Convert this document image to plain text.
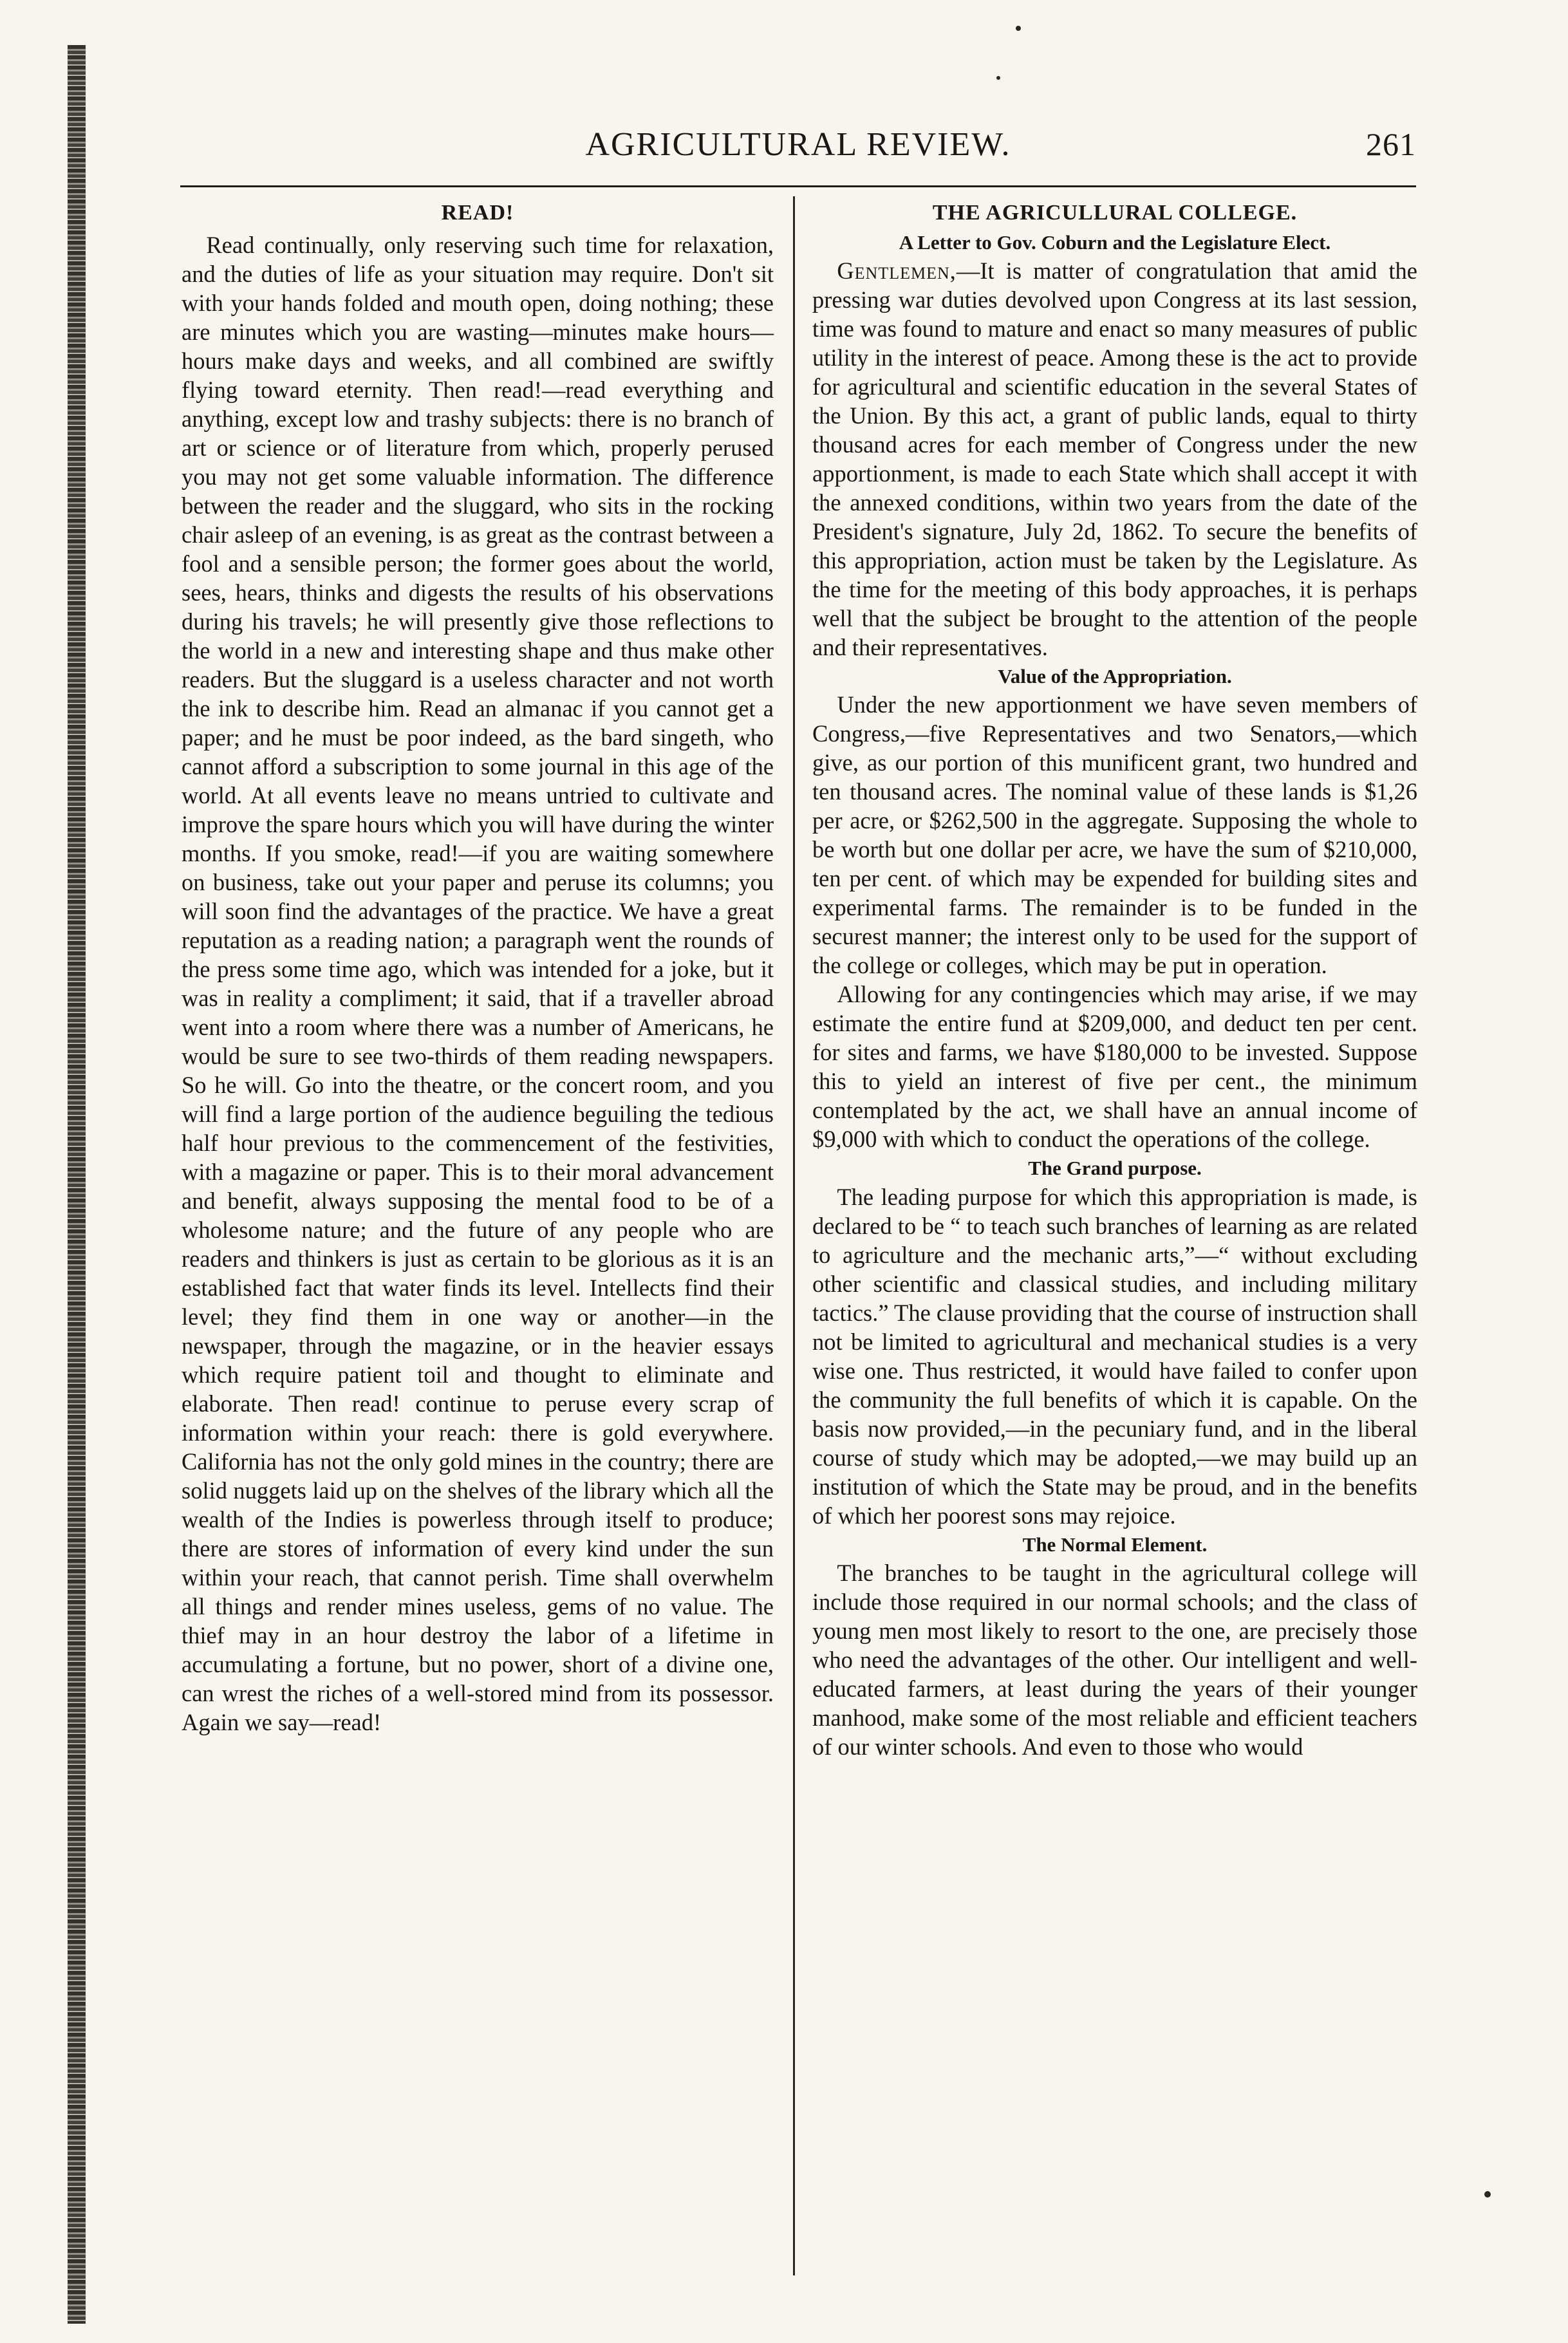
AGRICULTURAL REVIEW.	261
READ!

Read continually, only reserving such time for relaxation, and the duties of life as your situation may require. Don't sit with your hands folded and mouth open, doing nothing; these are minutes which you are wasting—minutes make hours—hours make days and weeks, and all combined are swiftly flying toward eternity. Then read!—read everything and anything, except low and trashy subjects: there is no branch of art or science or of literature from which, properly perused you may not get some valuable information. The difference between the reader and the sluggard, who sits in the rocking chair asleep of an evening, is as great as the contrast between a fool and a sensible person; the former goes about the world, sees, hears, thinks and digests the results of his observations during his travels; he will presently give those reflections to the world in a new and interesting shape and thus make other readers. But the sluggard is a useless character and not worth the ink to describe him. Read an almanac if you cannot get a paper; and he must be poor indeed, as the bard singeth, who cannot afford a subscription to some journal in this age of the world. At all events leave no means untried to cultivate and improve the spare hours which you will have during the winter months. If you smoke, read!—if you are waiting somewhere on business, take out your paper and peruse its columns; you will soon find the advantages of the practice. We have a great reputation as a reading nation; a paragraph went the rounds of the press some time ago, which was intended for a joke, but it was in reality a compliment; it said, that if a traveller abroad went into a room where there was a number of Americans, he would be sure to see two-thirds of them reading newspapers. So he will. Go into the theatre, or the concert room, and you will find a large portion of the audience beguiling the tedious half hour previous to the commencement of the festivities, with a magazine or paper. This is to their moral advancement and benefit, always supposing the mental food to be of a wholesome nature; and the future of any people who are readers and thinkers is just as certain to be glorious as it is an established fact that water finds its level. Intellects find their level; they find them in one way or another—in the newspaper, through the magazine, or in the heavier essays which require patient toil and thought to eliminate and elaborate. Then read! continue to peruse every scrap of information within your reach: there is gold everywhere. California has not the only gold mines in the country; there are solid nuggets laid up on the shelves of the library which all the wealth of the Indies is powerless through itself to produce; there are stores of information of every kind under the sun within your reach, that cannot perish. Time shall overwhelm all things and render mines useless, gems of no value. The thief may in an hour destroy the labor of a lifetime in accumulating a fortune, but no power, short of a divine one, can wrest the riches of a well-stored mind from its possessor. Again we say—read!

THE AGRICULLURAL COLLEGE.
A Letter to Gov. Coburn and the Legislature Elect.

Gentlemen,—It is matter of congratulation that amid the pressing war duties devolved upon Congress at its last session, time was found to mature and enact so many measures of public utility in the interest of peace. Among these is the act to provide for agricultural and scientific education in the several States of the Union. By this act, a grant of public lands, equal to thirty thousand acres for each member of Congress under the new apportionment, is made to each State which shall accept it with the annexed conditions, within two years from the date of the President's signature, July 2d, 1862. To secure the benefits of this appropriation, action must be taken by the Legislature. As the time for the meeting of this body approaches, it is perhaps well that the subject be brought to the attention of the people and their representatives.

Value of the Appropriation.

Under the new apportionment we have seven members of Congress,—five Representatives and two Senators,—which give, as our portion of this munificent grant, two hundred and ten thousand acres. The nominal value of these lands is $1,26 per acre, or $262,500 in the aggregate. Supposing the whole to be worth but one dollar per acre, we have the sum of $210,000, ten per cent. of which may be expended for building sites and experimental farms. The remainder is to be funded in the securest manner; the interest only to be used for the support of the college or colleges, which may be put in operation.

Allowing for any contingencies which may arise, if we may estimate the entire fund at $209,000, and deduct ten per cent. for sites and farms, we have $180,000 to be invested. Suppose this to yield an interest of five per cent., the minimum contemplated by the act, we shall have an annual income of $9,000 with which to conduct the operations of the college.

The Grand purpose.

The leading purpose for which this appropriation is made, is declared to be “ to teach such branches of learning as are related to agriculture and the mechanic arts,”—“ without excluding other scientific and classical studies, and including military tactics.” The clause providing that the course of instruction shall not be limited to agricultural and mechanical studies is a very wise one. Thus restricted, it would have failed to confer upon the community the full benefits of which it is capable. On the basis now provided,—in the pecuniary fund, and in the liberal course of study which may be adopted,—we may build up an institution of which the State may be proud, and in the benefits of which her poorest sons may rejoice.

The Normal Element.

The branches to be taught in the agricultural college will include those required in our normal schools; and the class of young men most likely to resort to the one, are precisely those who need the advantages of the other. Our intelligent and well-educated farmers, at least during the years of their younger manhood, make some of the most reliable and efficient teachers of our winter schools. And even to those who would
